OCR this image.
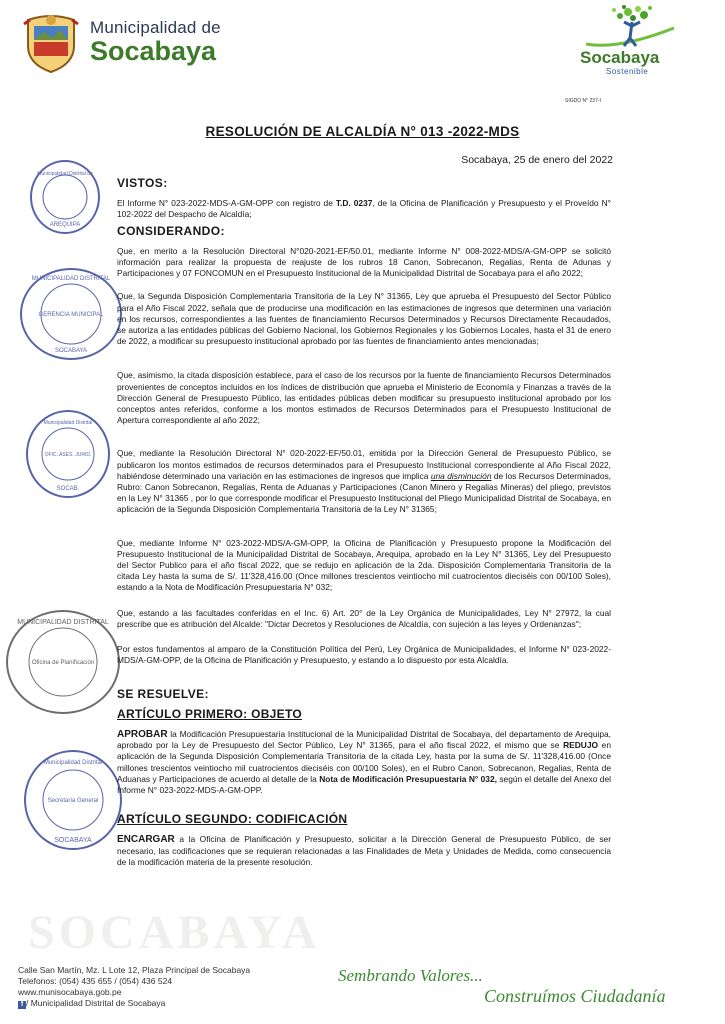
Municipalidad de
Socabaya	Socabaya
Sostenible
SIGDO N° 237-I
RESOLUCIÓN DE ALCALDÍA N° 013 -2022-MDS
Socabaya, 25 de enero del 2022
Municipalidad Distrital de
AREQUIPA
MUNICIPALIDAD DISTRITAL
GERENCIA MUNICIPAL
SOCABAYA
Municipalidad Distrital
OFIC. ASES. JURID.
SOCAB.
MUNICIPALIDAD DISTRITAL
Oficina de Planificación
Municipalidad Distrital
Secretaría General
SOCABAYA

VISTOS:

El Informe N° 023-2022-MDS-A-GM-OPP con registro de T.D. 0237, de la Oficina de Planificación y Presupuesto y el Proveído N° 102-2022 del Despacho de Alcaldía;

CONSIDERANDO:

Que, en merito a la Resolución Directoral N°020-2021-EF/50.01, mediante Informe N° 008-2022-MDS/A-GM-OPP se solicitó información para realizar la propuesta de reajuste de los rubros 18 Canon, Sobrecanon, Regalias, Renta de Adunas y Participaciones y 07 FONCOMUN en el Presupuesto Institucional de la Municipalidad Distrital de Socabaya para el año 2022;

Que, la Segunda Disposición Complementaria Transitoria de la Ley N° 31365, Ley que aprueba el Presupuesto del Sector Público para el Año Fiscal 2022, señala que de producirse una modificación en las estimaciones de ingresos que determinen una variación en los recursos, correspondientes a las fuentes de financiamiento Recursos Determinados y Recursos Directamente Recaudados, se autoriza a las entidades públicas del Gobierno Nacional, los Gobiernos Regionales y los Gobiernos Locales, hasta el 31 de enero de 2022, a modificar su presupuesto institucional aprobado por las fuentes de financiamiento antes mencionadas;

Que, asimismo, la citada disposición establece, para el caso de los recursos por la fuente de financiamiento Recursos Determinados provenientes de conceptos incluidos en los índices de distribución que aprueba el Ministerio de Economía y Finanzas a través de la Dirección General de Presupuesto Público, las entidades públicas deben modificar su presupuesto institucional aprobado por los conceptos antes referidos, conforme a los montos estimados de Recursos Determinados para el Presupuesto Institucional de Apertura correspondiente al año 2022;

Que, mediante la Resolución Directoral N° 020-2022-EF/50.01, emitida por la Dirección General de Presupuesto Público, se publicaron los montos estimados de recursos determinados para el Presupuesto Institucional correspondiente al Año Fiscal 2022, habiéndose determinado una variación en las estimaciones de ingresos que implica una disminución de los Recursos Determinados, Rubro: Canon Sobrecanon, Regalias, Renta de Aduanas y Participaciones (Canon Minero y Regalias Mineras) del pliego, previstos en la Ley N° 31365 , por lo que corresponde modificar el Presupuesto Institucional del Pliego Municipalidad Distrital de Socabaya, en aplicación de la Segunda Disposición Complementaria Transitoria de la Ley N° 31365;

Que, mediante Informe N° 023-2022-MDS/A-GM-OPP, la Oficina de Planificación y Presupuesto propone la Modificación del Presupuesto Institucional de la Municipalidad Distrital de Socabaya, Arequipa, aprobado en la Ley N° 31365, Ley del Presupuesto del Sector Publico para el año fiscal 2022, que se redujo en aplicación de la 2da. Disposición Complementaria Transitoria de la citada Ley hasta la suma de S/. 11'328,416.00 (Once millones trescientos veintiocho mil cuatrocientos dieciséis con 00/100 Soles), estando a la Nota de Modificación Presupuestaria N° 032;

Que, estando a las facultades conferidas en el Inc. 6) Art. 20° de la Ley Orgánica de Municipalidades, Ley N° 27972, la cual prescribe que es atribución del Alcalde: "Dictar Decretos y Resoluciones de Alcaldía, con sujeción a las leyes y Ordenanzas";

Por estos fundamentos al amparo de la Constitución Política del Perú, Ley Orgánica de Municipalidades, el Informe N° 023-2022-MDS/A-GM-OPP, de la Oficina de Planificación y Presupuesto, y estando a lo dispuesto por esta Alcaldía.

SE RESUELVE:

ARTÍCULO PRIMERO: OBJETO

APROBAR la Modificación Presupuestaria Institucional de la Municipalidad Distrital de Socabaya, del departamento de Arequipa, aprobado por la Ley de Presupuesto del Sector Público, Ley N° 31365, para el año fiscal 2022, el mismo que se REDUJO en aplicación de la Segunda Disposición Complementaria Transitoria de la citada Ley, hasta por la suma de S/. 11'328,416.00 (Once millones trescientos veintiocho mil cuatrocientos dieciséis con 00/100 Soles), en el Rubro Canon, Sobrecanon, Regalias, Renta de Aduanas y Participaciones de acuerdo al detalle de la Nota de Modificación Presupuestaria N° 032, según el detalle del Anexo del Informe N° 023-2022-MDS-A-GM-OPP.

ARTÍCULO SEGUNDO: CODIFICACIÓN

ENCARGAR a la Oficina de Planificación y Presupuesto, solicitar a la Dirección General de Presupuesto Público, de ser necesario, las codificaciones que se requieran relacionadas a las Finalidades de Meta y Unidades de Medida, como consecuencia de la modificación materia de la presente resolución.

SOCABAYA
Calle San Martín, Mz. L Lote 12, Plaza Principal de Socabaya
Telefonos: (054) 435 655 / (054) 436 524
www.munisocabaya.gob.pe
f / Municipalidad Distrital de Socabaya
Sembrando Valores...
Construímos Ciudadanía
